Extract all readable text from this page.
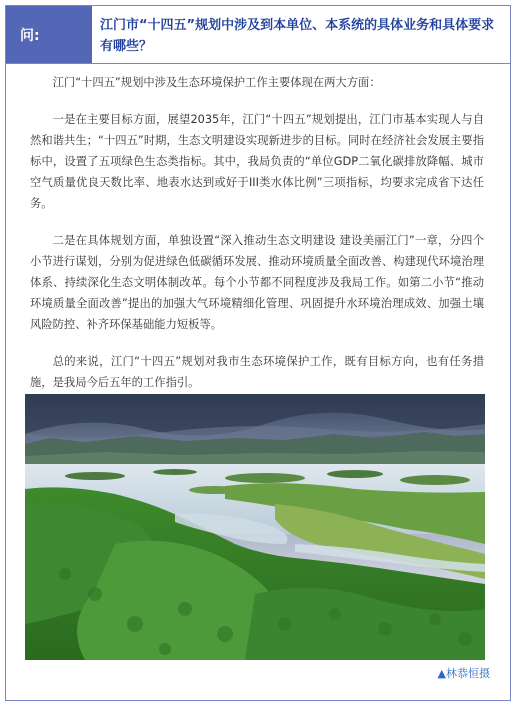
问:
江门市“十四五”规划中涉及到本单位、本系统的具体业务和具体要求有哪些？

江门“十四五”规划中涉及生态环境保护工作主要体现在两大方面：

一是在主要目标方面，展望2035年，江门“十四五”规划提出，江门市基本实现人与自然和谐共生；“十四五”时期，生态文明建设实现新进步的目标。同时在经济社会发展主要指标中，设置了五项绿色生态类指标。其中，我局负责的“单位GDP二氧化碳排放降幅、城市空气质量优良天数比率、地表水达到或好于III类水体比例”三项指标，均要求完成省下达任务。

二是在具体规划方面，单独设置“深入推动生态文明建设 建设美丽江门”一章，分四个小节进行谋划，分别为促进绿色低碳循环发展、推动环境质量全面改善、构建现代环境治理体系、持续深化生态文明体制改革。每个小节都不同程度涉及我局工作。如第二小节“推动环境质量全面改善”提出的加强大气环境精细化管理、巩固提升水环境治理成效、加强土壤风险防控、补齐环保基础能力短板等。

总的来说，江门“十四五”规划对我市生态环境保护工作，既有目标方向，也有任务措施，是我局今后五年的工作指引。

▲林恭恒摄
